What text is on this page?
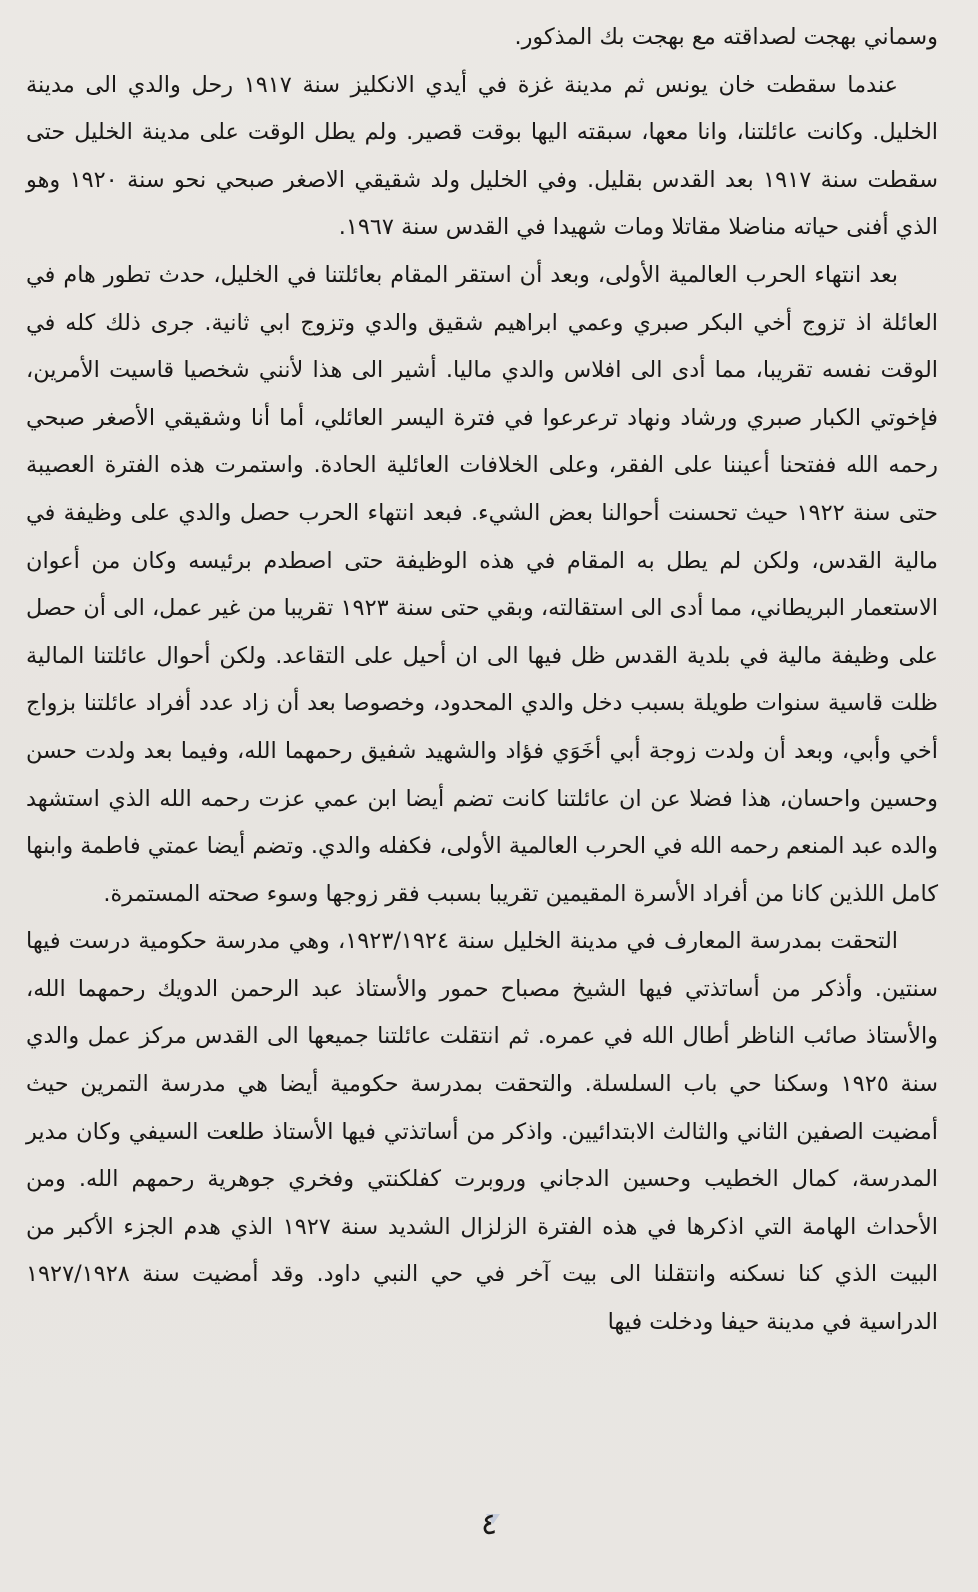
وسماني بهجت لصداقته مع بهجت بك المذكور.

عندما سقطت خان يونس ثم مدينة غزة في أيدي الانكليز سنة ١٩١٧ رحل والدي الى مدينة الخليل. وكانت عائلتنا، وانا معها، سبقته اليها بوقت قصير. ولم يطل الوقت على مدينة الخليل حتى سقطت سنة ١٩١٧ بعد القدس بقليل. وفي الخليل ولد شقيقي الاصغر صبحي نحو سنة ١٩٢٠ وهو الذي أفنى حياته مناضلا مقاتلا ومات شهيدا في القدس سنة ١٩٦٧.

بعد انتهاء الحرب العالمية الأولى، وبعد أن استقر المقام بعائلتنا في الخليل، حدث تطور هام في العائلة اذ تزوج أخي البكر صبري وعمي ابراهيم شقيق والدي وتزوج ابي ثانية. جرى ذلك كله في الوقت نفسه تقريبا، مما أدى الى افلاس والدي ماليا. أشير الى هذا لأنني شخصيا قاسيت الأمرين، فإخوتي الكبار صبري ورشاد ونهاد ترعرعوا في فترة اليسر العائلي، أما أنا وشقيقي الأصغر صبحي رحمه الله ففتحنا أعيننا على الفقر، وعلى الخلافات العائلية الحادة. واستمرت هذه الفترة العصيبة حتى سنة ١٩٢٢ حيث تحسنت أحوالنا بعض الشيء. فبعد انتهاء الحرب حصل والدي على وظيفة في مالية القدس، ولكن لم يطل به المقام في هذه الوظيفة حتى اصطدم برئيسه وكان من أعوان الاستعمار البريطاني، مما أدى الى استقالته، وبقي حتى سنة ١٩٢٣ تقريبا من غير عمل، الى أن حصل على وظيفة مالية في بلدية القدس ظل فيها الى ان أحيل على التقاعد. ولكن أحوال عائلتنا المالية ظلت قاسية سنوات طويلة بسبب دخل والدي المحدود، وخصوصا بعد أن زاد عدد أفراد عائلتنا بزواج أخي وأبي، وبعد أن ولدت زوجة أبي أخَوَي فؤاد والشهيد شفيق رحمهما الله، وفيما بعد ولدت حسن وحسين واحسان، هذا فضلا عن ان عائلتنا كانت تضم أيضا ابن عمي عزت رحمه الله الذي استشهد والده عبد المنعم رحمه الله في الحرب العالمية الأولى، فكفله والدي. وتضم أيضا عمتي فاطمة وابنها كامل اللذين كانا من أفراد الأسرة المقيمين تقريبا بسبب فقر زوجها وسوء صحته المستمرة.

التحقت بمدرسة المعارف في مدينة الخليل سنة ١٩٢٣/١٩٢٤، وهي مدرسة حكومية درست فيها سنتين. وأذكر من أساتذتي فيها الشيخ مصباح حمور والأستاذ عبد الرحمن الدويك رحمهما الله، والأستاذ صائب الناظر أطال الله في عمره. ثم انتقلت عائلتنا جميعها الى القدس مركز عمل والدي سنة ١٩٢٥ وسكنا حي باب السلسلة. والتحقت بمدرسة حكومية أيضا هي مدرسة التمرين حيث أمضيت الصفين الثاني والثالث الابتدائيين. واذكر من أساتذتي فيها الأستاذ طلعت السيفي وكان مدير المدرسة، كمال الخطيب وحسين الدجاني وروبرت كفلكنتي وفخري جوهرية رحمهم الله. ومن الأحداث الهامة التي اذكرها في هذه الفترة الزلزال الشديد سنة ١٩٢٧ الذي هدم الجزء الأكبر من البيت الذي كنا نسكنه وانتقلنا الى بيت آخر في حي النبي داود. وقد أمضيت سنة ١٩٢٧/١٩٢٨ الدراسية في مدينة حيفا ودخلت فيها

٤
